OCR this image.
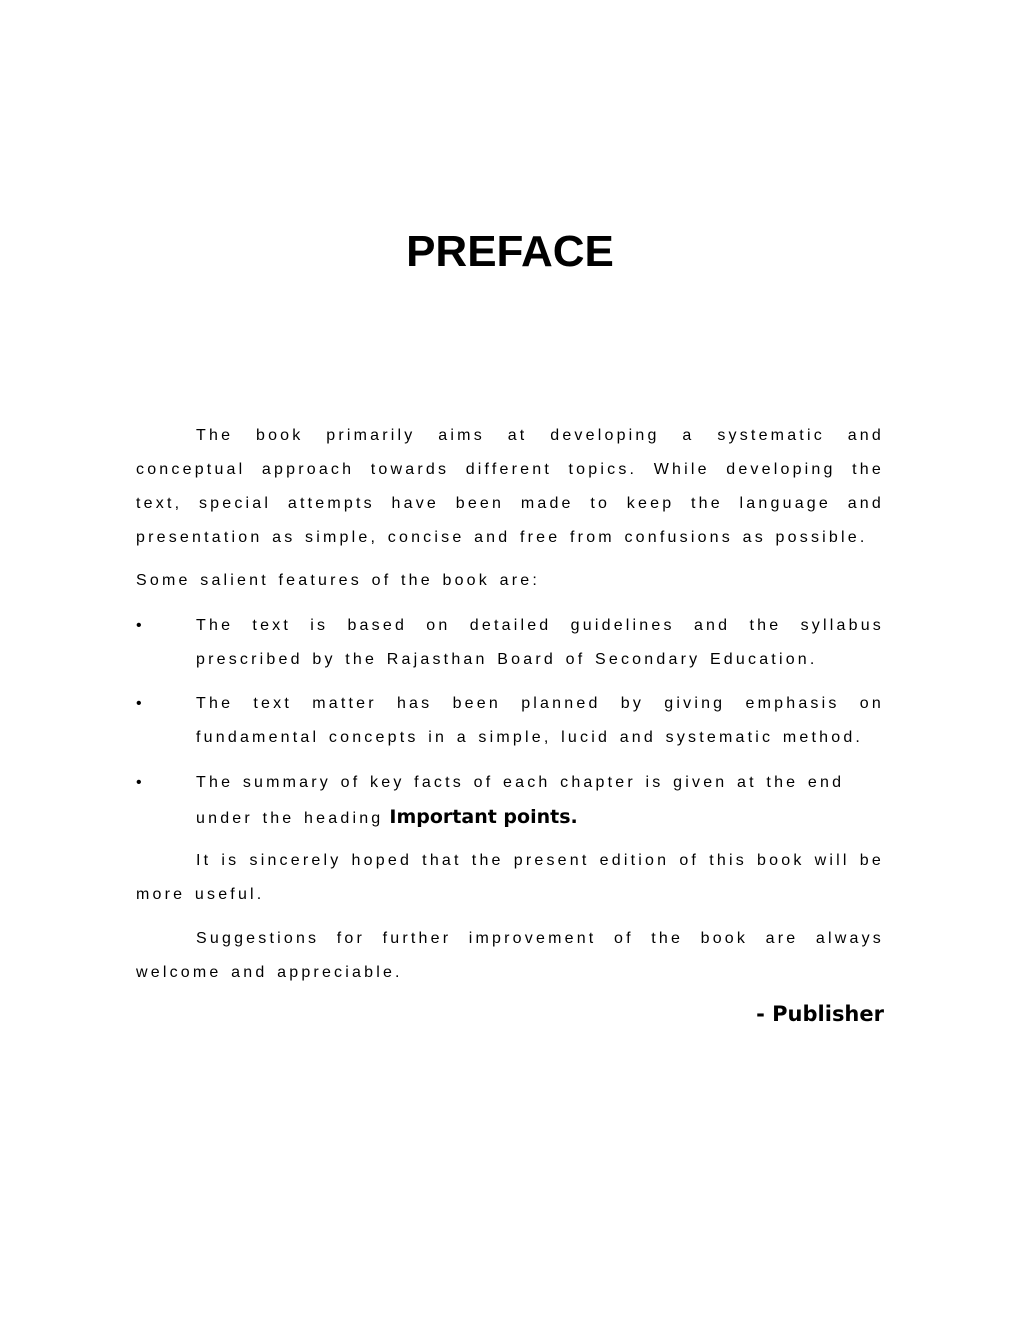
PREFACE

The book primarily aims at developing a systematic and conceptual approach towards different topics. While developing the text, special attempts have been made to keep the language and presentation as simple, concise and free from confusions as possible.

Some salient features of the book are:

•	The text is based on detailed guidelines and the syllabus prescribed by the Rajasthan Board of Secondary Education.
•	The text matter has been planned by giving emphasis on fundamental concepts in a simple, lucid and systematic method.
•	The summary of key facts of each chapter is given at the end under the heading Important points.

It is sincerely hoped that the present edition of this book will be more useful.

Suggestions for further improvement of the book are always welcome and appreciable.

- Publisher
